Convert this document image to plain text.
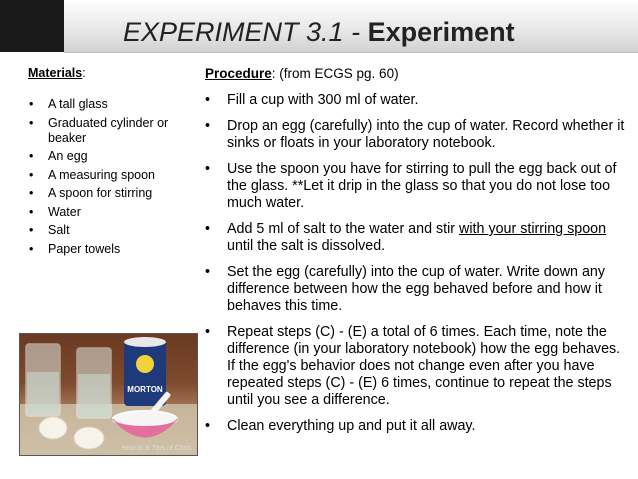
EXPERIMENT 3.1 - Experiment
Materials:
• A tall glass
• Graduated cylinder or beaker
• An egg
• A measuring spoon
• A spoon for stirring
• Water
• Salt
• Paper towels
Procedure: (from ECGS pg. 60)
• Fill a cup with 300 ml of water.
• Drop an egg (carefully) into the cup of water. Record whether it sinks or floats in your laboratory notebook.
• Use the spoon you have for stirring to pull the egg back out of the glass. **Let it drip in the glass so that you do not lose too much water.
• Add 5 ml of salt to the water and stir with your stirring spoon until the salt is dissolved.
• Set the egg (carefully) into the cup of water. Write down any difference between how the egg behaved before and how it behaves this time.
• Repeat steps (C) - (E) a total of 6 times. Each time, note the difference (in your laboratory notebook) how the egg behaves. If the egg's behavior does not change even after you have repeated steps (C) - (E) 6 times, continue to repeat the steps until you see a difference.
• Clean everything up and put it all away.
MORTON
How to & Tips of Chris
